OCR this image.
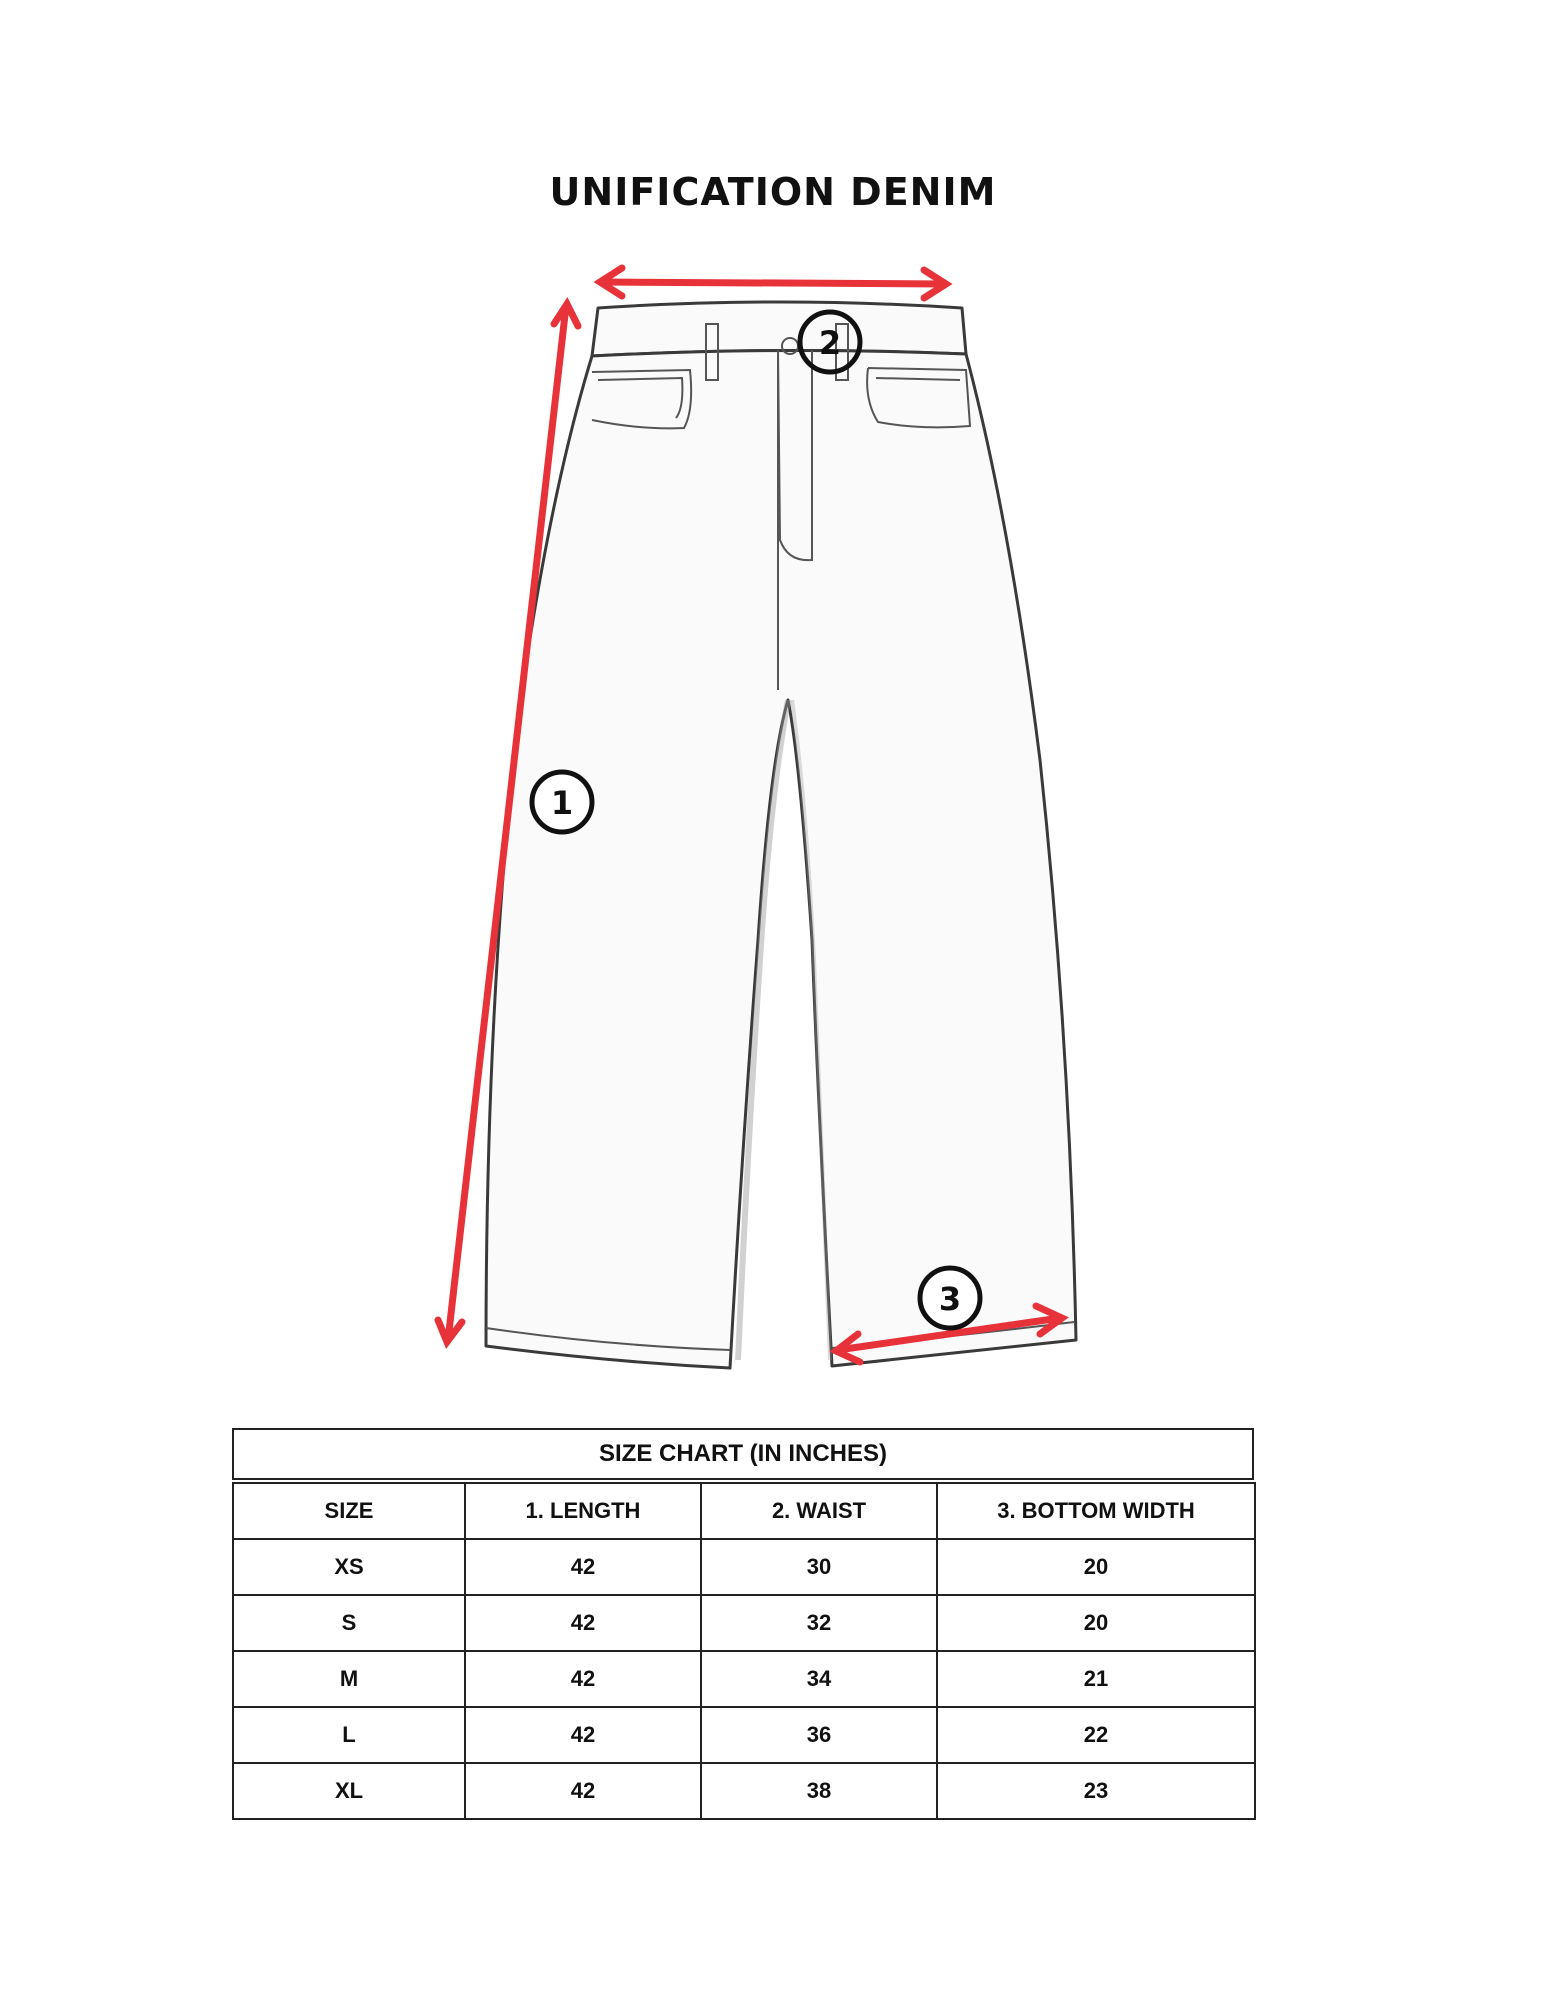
UNIFICATION DENIM
2
1
3
SIZE CHART (IN INCHES)
SIZE	1. LENGTH	2. WAIST	3. BOTTOM WIDTH
XS	42	30	20
S	42	32	20
M	42	34	21
L	42	36	22
XL	42	38	23
